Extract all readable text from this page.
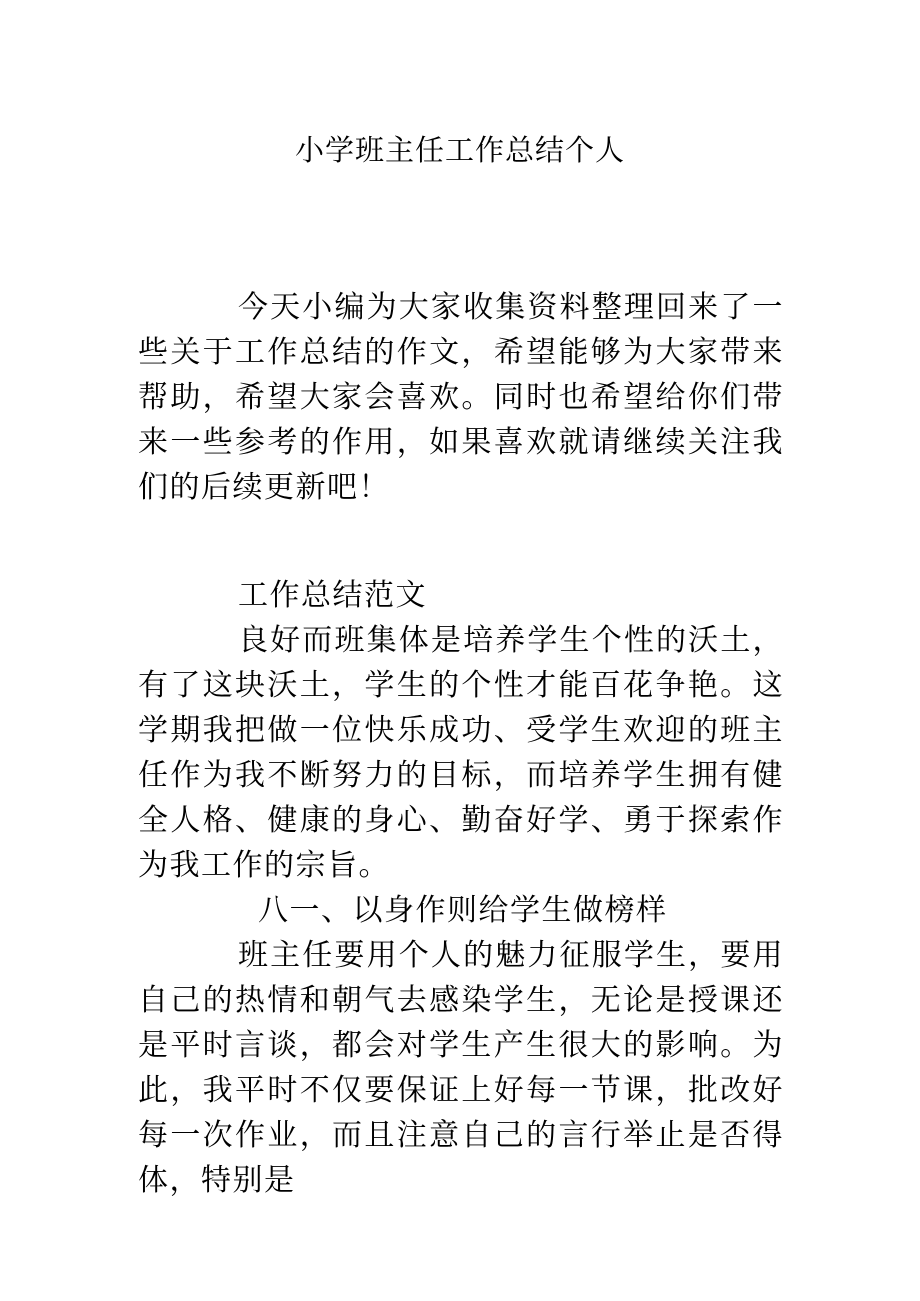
小学班主任工作总结个人

今天小编为大家收集资料整理回来了一些关于工作总结的作文，希望能够为大家带来帮助，希望大家会喜欢。同时也希望给你们带来一些参考的作用，如果喜欢就请继续关注我们的后续更新吧！

工作总结范文

良好而班集体是培养学生个性的沃土，有了这块沃土，学生的个性才能百花争艳。这学期我把做一位快乐成功、受学生欢迎的班主任作为我不断努力的目标，而培养学生拥有健全人格、健康的身心、勤奋好学、勇于探索作为我工作的宗旨。

八一、以身作则给学生做榜样

班主任要用个人的魅力征服学生，要用自己的热情和朝气去感染学生，无论是授课还是平时言谈，都会对学生产生很大的影响。为此，我平时不仅要保证上好每一节课，批改好每一次作业，而且注意自己的言行举止是否得体，特别是
